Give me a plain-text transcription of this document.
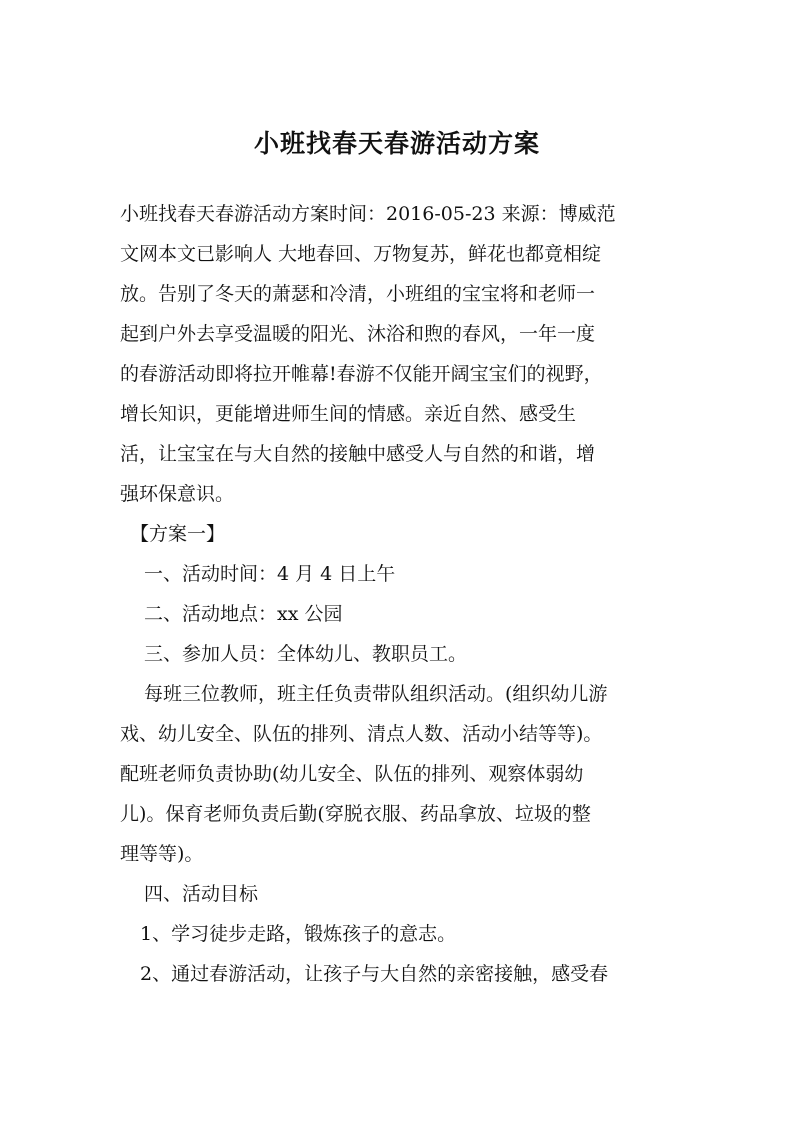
小班找春天春游活动方案
小班找春天春游活动方案时间：2016-05-23 来源：博威范
文网本文已影响人 大地春回、万物复苏，鲜花也都竟相绽
放。告别了冬天的萧瑟和冷清，小班组的宝宝将和老师一
起到户外去享受温暖的阳光、沐浴和煦的春风，一年一度
的春游活动即将拉开帷幕!春游不仅能开阔宝宝们的视野，
增长知识，更能增进师生间的情感。亲近自然、感受生
活，让宝宝在与大自然的接触中感受人与自然的和谐，增
强环保意识。
【方案一】
一、活动时间：4 月 4 日上午
二、活动地点：xx 公园
三、参加人员：全体幼儿、教职员工。
每班三位教师，班主任负责带队组织活动。(组织幼儿游
戏、幼儿安全、队伍的排列、清点人数、活动小结等等)。
配班老师负责协助(幼儿安全、队伍的排列、观察体弱幼
儿)。保育老师负责后勤(穿脱衣服、药品拿放、垃圾的整
理等等)。
四、活动目标
1、学习徒步走路，锻炼孩子的意志。
2、通过春游活动，让孩子与大自然的亲密接触，感受春
